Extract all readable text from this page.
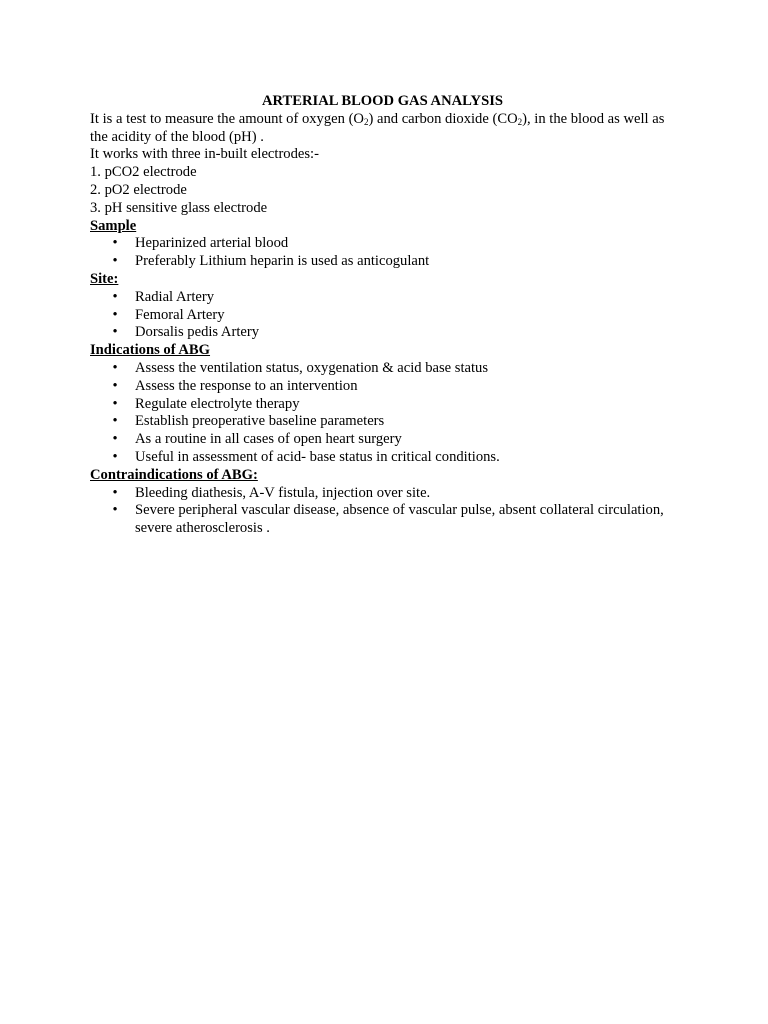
ARTERIAL BLOOD GAS ANALYSIS

It is a test to measure the amount of oxygen $(O_2)$ and carbon dioxide $(CO_2)$, in the blood as well as the acidity of the blood (pH) .

It works with three in-built electrodes:-

1. pCO2 electrode

2. pO2 electrode

3. pH sensitive glass electrode

Sample

• Heparinized arterial blood
• Preferably Lithium heparin is used as anticogulant

Site:

• Radial Artery
• Femoral Artery
• Dorsalis pedis Artery

Indications of ABG

• Assess the ventilation status, oxygenation & acid base status
• Assess the response to an intervention
• Regulate electrolyte therapy
• Establish preoperative baseline parameters
• As a routine in all cases of open heart surgery
• Useful in assessment of acid- base status in critical conditions.

Contraindications of ABG:

• Bleeding diathesis, A-V fistula, injection over site.
• Severe peripheral vascular disease, absence of vascular pulse, absent collateral circulation, severe atherosclerosis .
